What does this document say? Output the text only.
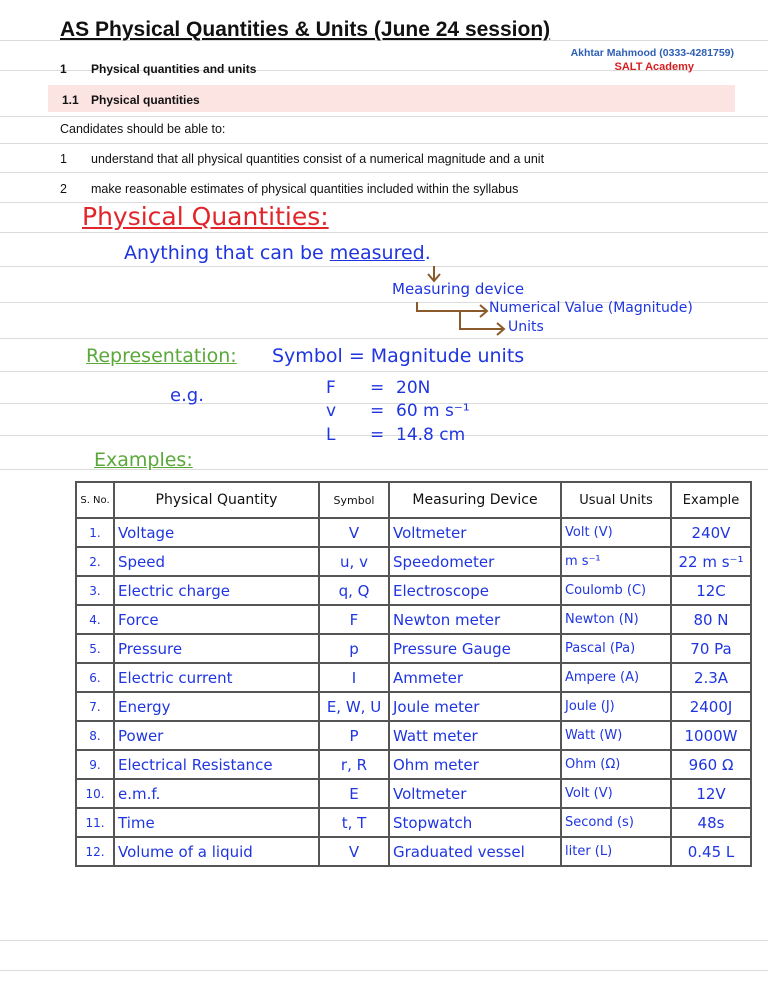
AS Physical Quantities & Units (June 24 session)
Akhtar Mahmood (0333-4281759)
SALT Academy
1 Physical quantities and units
1.1 Physical quantities
Candidates should be able to:
1 understand that all physical quantities consist of a numerical magnitude and a unit
2 make reasonable estimates of physical quantities included within the syllabus
Physical Quantities:
Anything that can be measured.
Measuring device
Numerical Value (Magnitude)
Units
Representation: Symbol = Magnitude units
e.g.	F = 20N
v = 60 m s⁻¹
L = 14.8 cm
Examples:
S. No.	Physical Quantity	Symbol	Measuring Device	Usual Units	Example
1.	Voltage	V	Voltmeter	Volt (V)	240V
2.	Speed	u, v	Speedometer	m s⁻¹	22 m s⁻¹
3.	Electric charge	q, Q	Electroscope	Coulomb (C)	12C
4.	Force	F	Newton meter	Newton (N)	80 N
5.	Pressure	p	Pressure Gauge	Pascal (Pa)	70 Pa
6.	Electric current	I	Ammeter	Ampere (A)	2.3A
7.	Energy	E, W, U	Joule meter	Joule (J)	2400J
8.	Power	P	Watt meter	Watt (W)	1000W
9.	Electrical Resistance	r, R	Ohm meter	Ohm (Ω)	960 Ω
10.	e.m.f.	E	Voltmeter	Volt (V)	12V
11.	Time	t, T	Stopwatch	Second (s)	48s
12.	Volume of a liquid	V	Graduated vessel	liter (L)	0.45 L
